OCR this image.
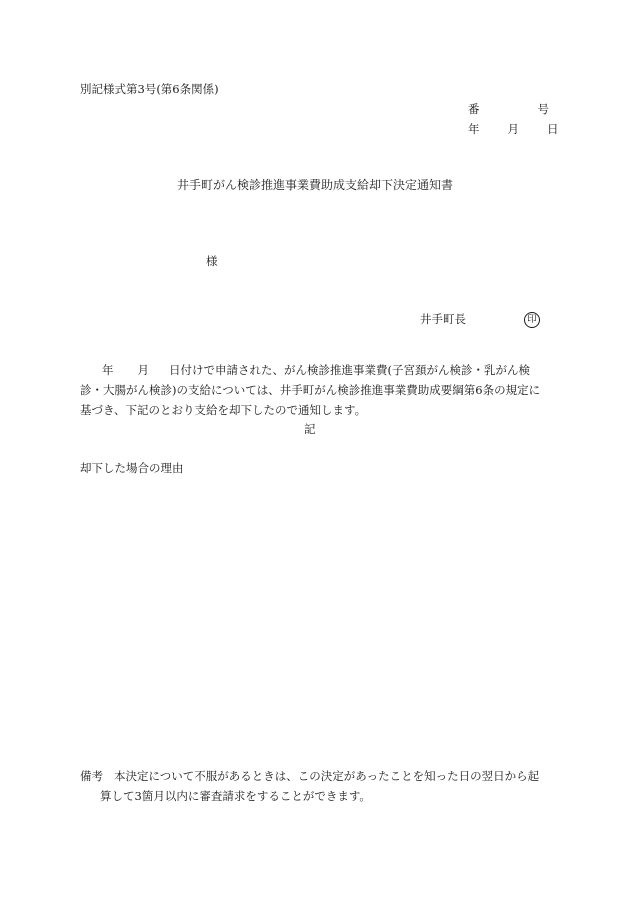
別記様式第3号(第6条関係)
番	号
年 月 日
井手町がん検診推進事業費助成支給却下決定通知書
様
井手町長	印

年 月 日付けで申請された、がん検診推進事業費(子宮頚がん検診・乳がん検

診・大腸がん検診)の支給については、井手町がん検診推進事業費助成要綱第6条の規定に

基づき、下記のとおり支給を却下したので通知します。

記
却下した場合の理由

備考 本決定について不服があるときは、この決定があったことを知った日の翌日から起

算して3箇月以内に審査請求をすることができます。
